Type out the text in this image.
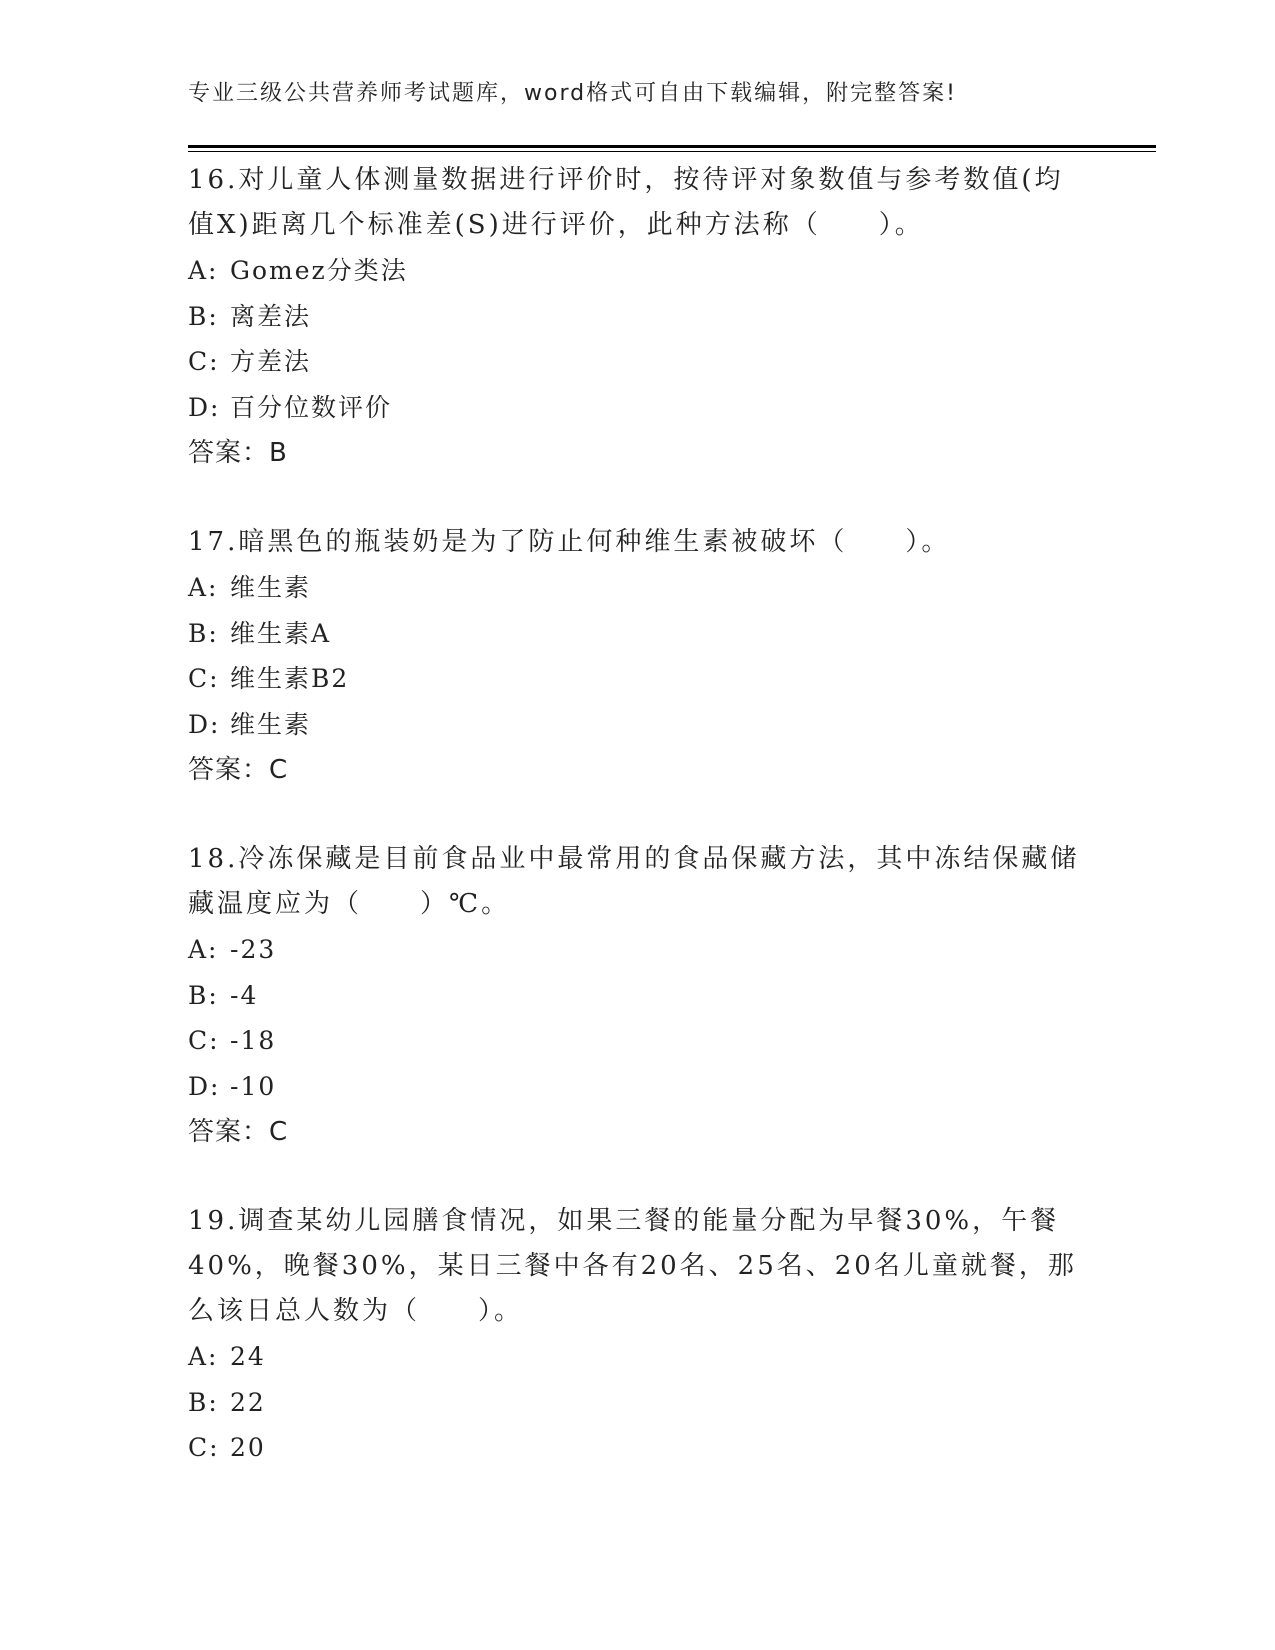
专业三级公共营养师考试题库，word格式可自由下载编辑，附完整答案!
16.对儿童人体测量数据进行评价时，按待评对象数值与参考数值(均值X)距离几个标准差(S)进行评价，此种方法称（　　）。
A: Gomez分类法
B: 离差法
C: 方差法
D: 百分位数评价
答案：B
17.暗黑色的瓶装奶是为了防止何种维生素被破坏（　　）。
A: 维生素
B: 维生素A
C: 维生素B2
D: 维生素
答案：C
18.冷冻保藏是目前食品业中最常用的食品保藏方法，其中冻结保藏储藏温度应为（　　）℃。
A: -23
B: -4
C: -18
D: -10
答案：C
19.调查某幼儿园膳食情况，如果三餐的能量分配为早餐30%，午餐40%，晚餐30%，某日三餐中各有20名、25名、20名儿童就餐，那么该日总人数为（　　）。
A: 24
B: 22
C: 20
